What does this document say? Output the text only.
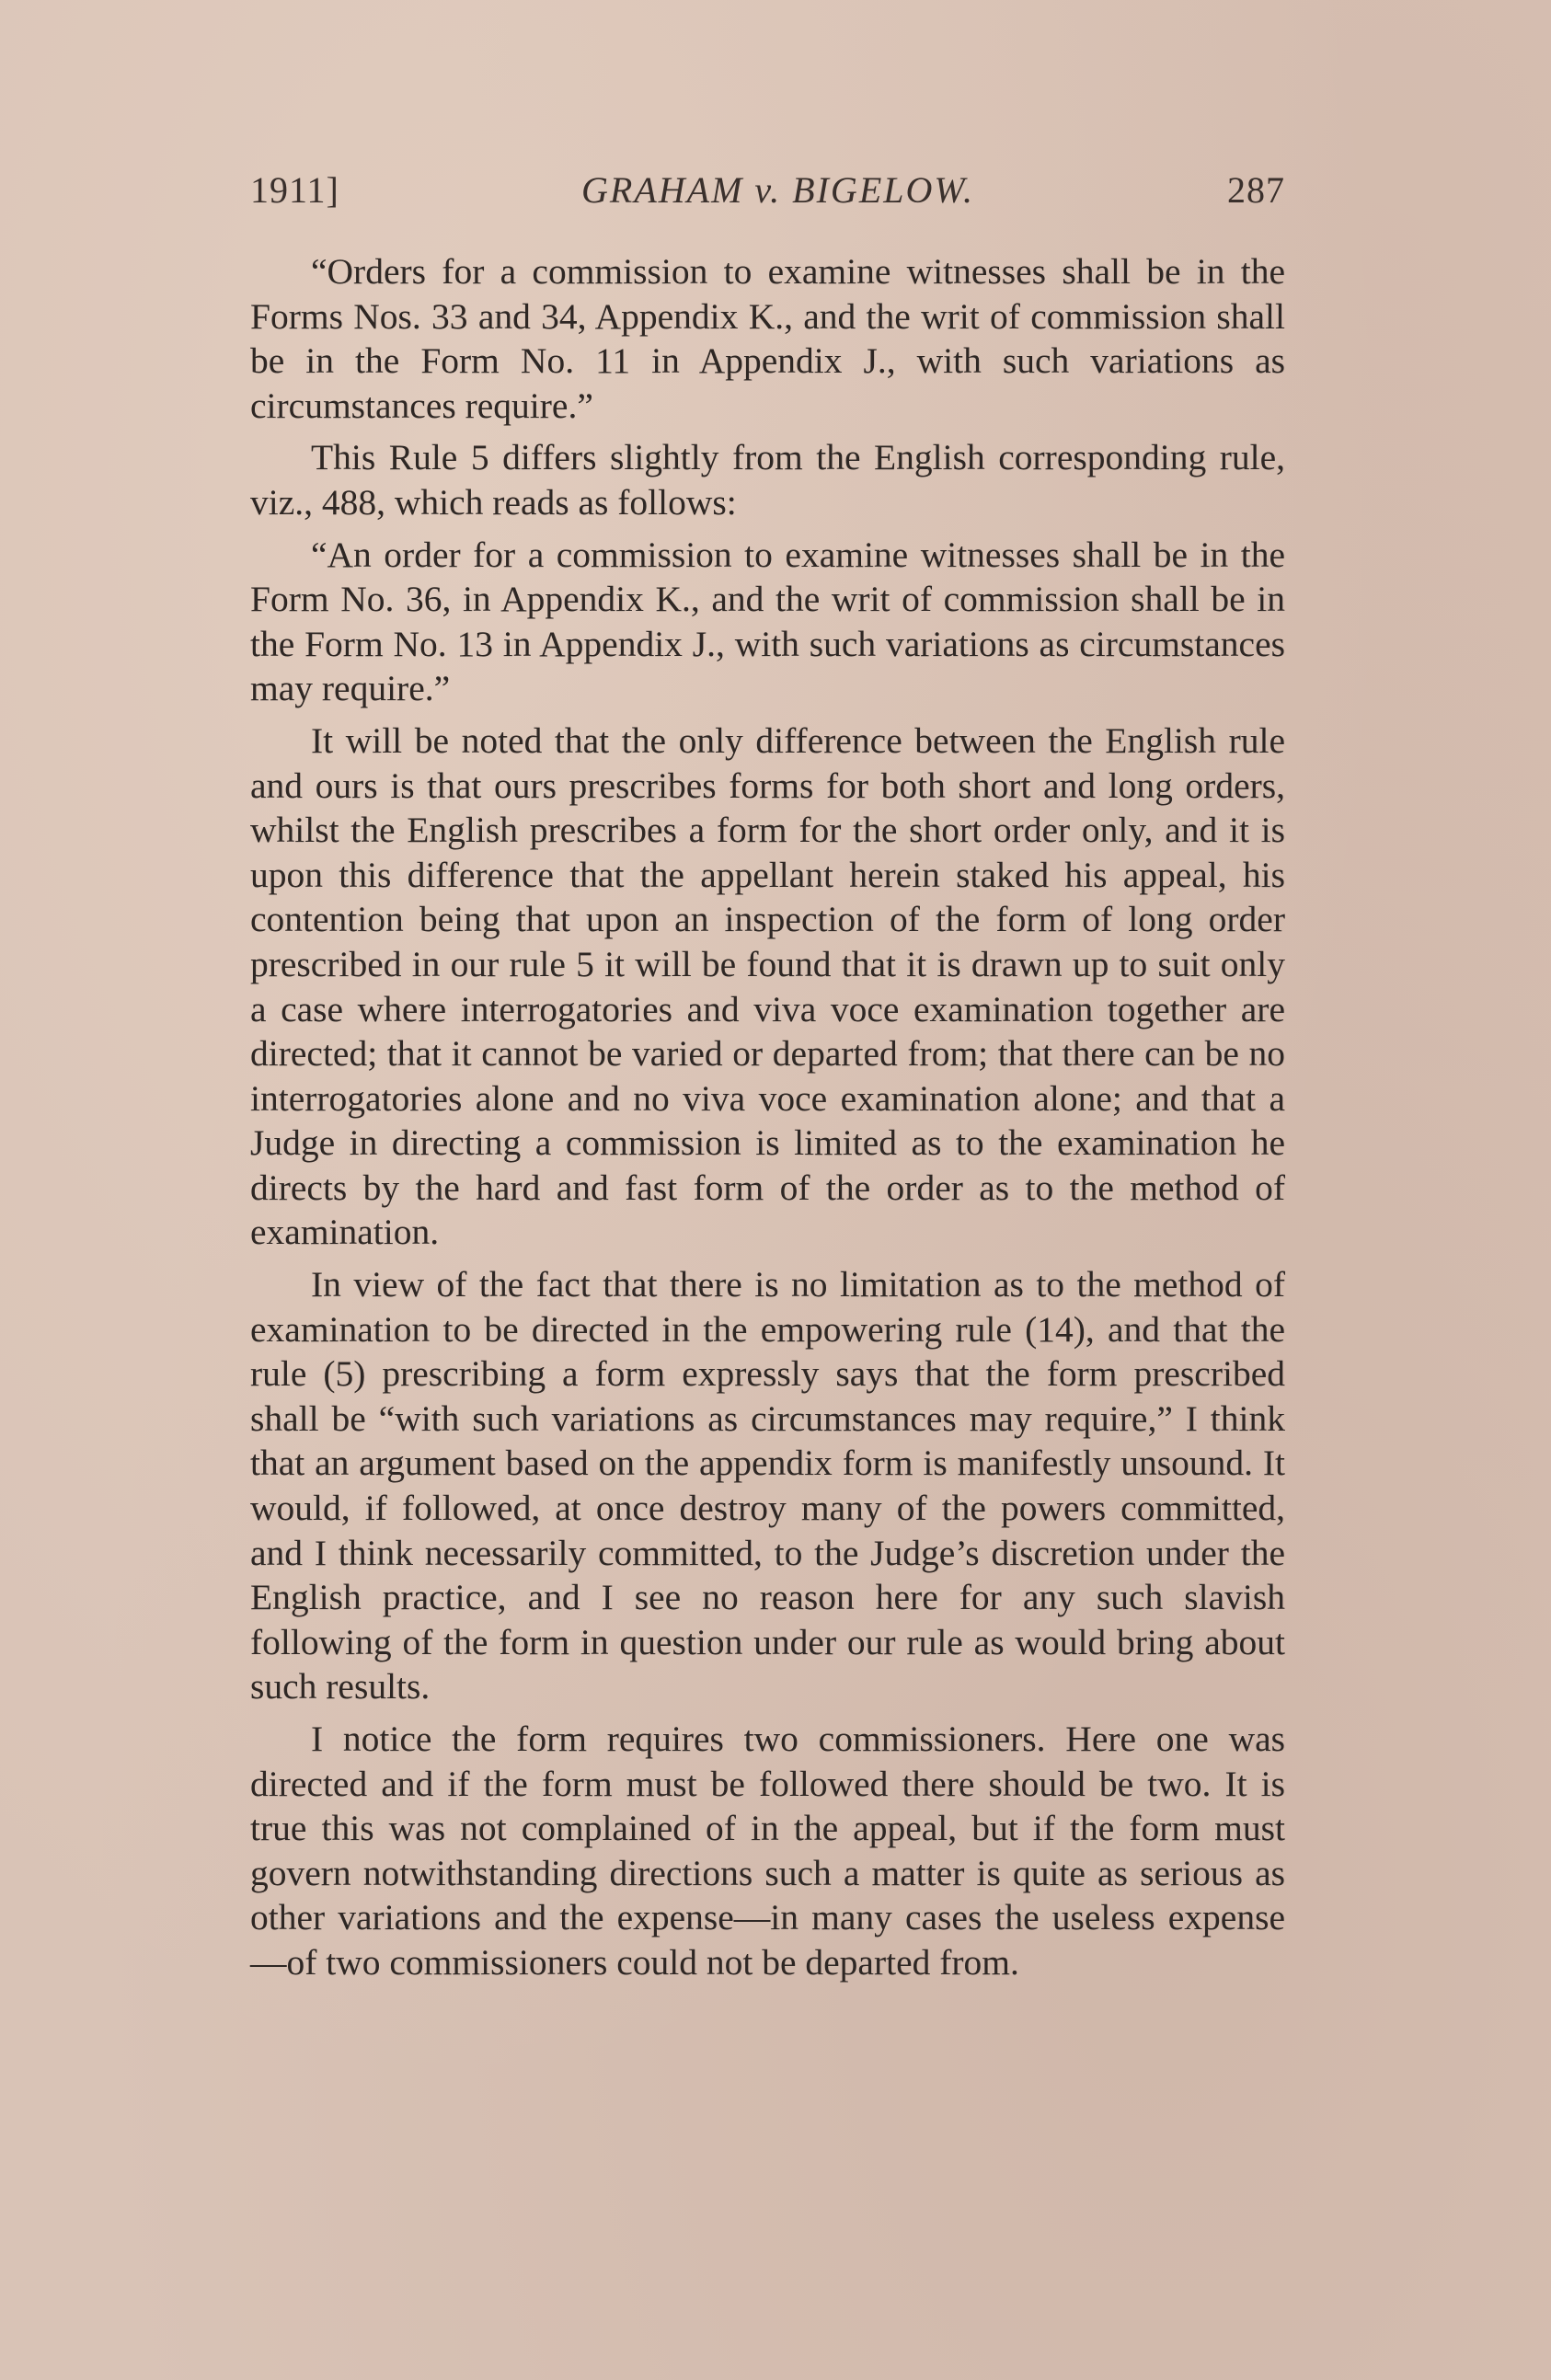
1911]	GRAHAM v. BIGELOW.	287

“Orders for a commission to examine witnesses shall be in the Forms Nos. 33 and 34, Appendix K., and the writ of commission shall be in the Form No. 11 in Appendix J., with such variations as circumstances require.”

This Rule 5 differs slightly from the English corresponding rule, viz., 488, which reads as follows:

“An order for a commission to examine witnesses shall be in the Form No. 36, in Appendix K., and the writ of commission shall be in the Form No. 13 in Appendix J., with such variations as circumstances may require.”

It will be noted that the only difference between the English rule and ours is that ours prescribes forms for both short and long orders, whilst the English prescribes a form for the short order only, and it is upon this difference that the appellant herein staked his appeal, his contention being that upon an inspection of the form of long order prescribed in our rule 5 it will be found that it is drawn up to suit only a case where interrogatories and viva voce examination together are directed; that it cannot be varied or departed from; that there can be no interrogatories alone and no viva voce examination alone; and that a Judge in directing a commission is limited as to the examination he directs by the hard and fast form of the order as to the method of examination.

In view of the fact that there is no limitation as to the method of examination to be directed in the empowering rule (14), and that the rule (5) prescribing a form expressly says that the form prescribed shall be “with such variations as circumstances may require,” I think that an argument based on the appendix form is manifestly unsound. It would, if followed, at once destroy many of the powers committed, and I think necessarily committed, to the Judge’s discretion under the English practice, and I see no reason here for any such slavish following of the form in question under our rule as would bring about such results.

I notice the form requires two commissioners. Here one was directed and if the form must be followed there should be two. It is true this was not complained of in the appeal, but if the form must govern notwithstanding directions such a matter is quite as serious as other variations and the expense—in many cases the useless expense—of two commissioners could not be departed from.
